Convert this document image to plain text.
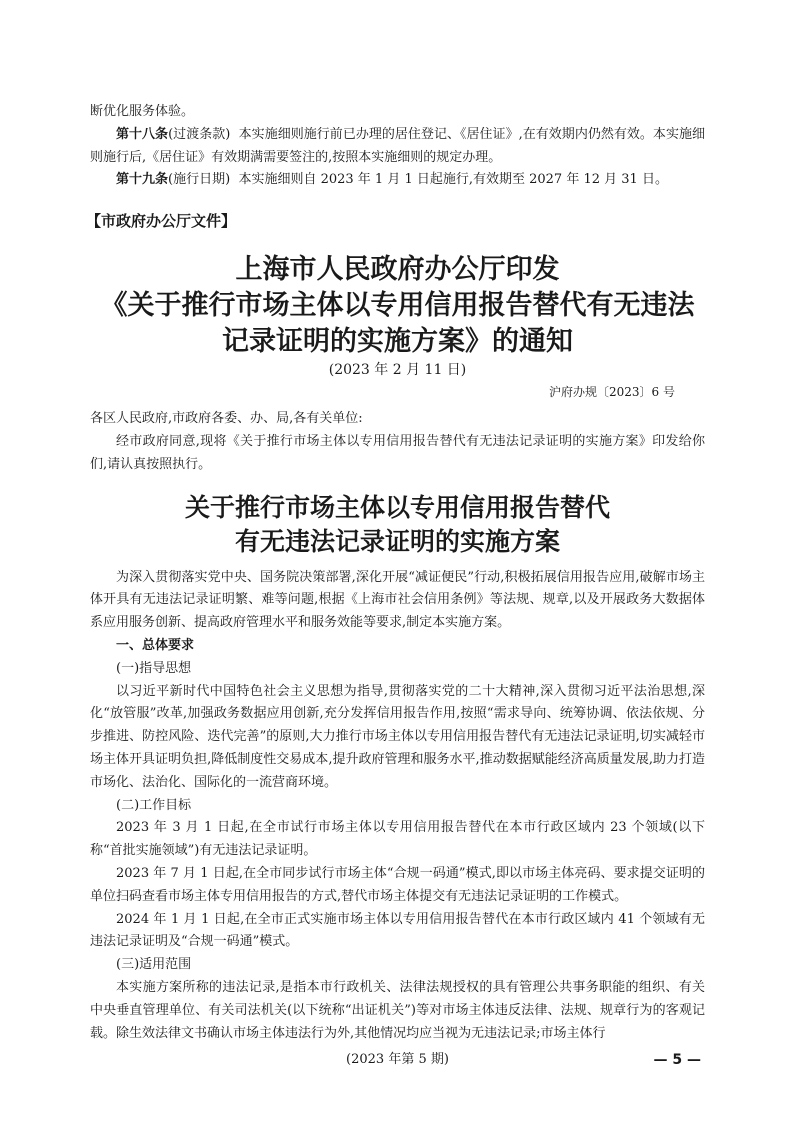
断优化服务体验。

第十八条(过渡条款) 本实施细则施行前已办理的居住登记、《居住证》,在有效期内仍然有效。本实施细则施行后,《居住证》有效期满需要签注的,按照本实施细则的规定办理。

第十九条(施行日期) 本实施细则自 2023 年 1 月 1 日起施行,有效期至 2027 年 12 月 31 日。

【市政府办公厅文件】
上海市人民政府办公厅印发
《关于推行市场主体以专用信用报告替代有无违法
记录证明的实施方案》的通知
(2023 年 2 月 11 日)
沪府办规〔2023〕6 号

各区人民政府,市政府各委、办、局,各有关单位:

经市政府同意,现将《关于推行市场主体以专用信用报告替代有无违法记录证明的实施方案》印发给你们,请认真按照执行。

关于推行市场主体以专用信用报告替代
有无违法记录证明的实施方案

为深入贯彻落实党中央、国务院决策部署,深化开展“减证便民”行动,积极拓展信用报告应用,破解市场主体开具有无违法记录证明繁、难等问题,根据《上海市社会信用条例》等法规、规章,以及开展政务大数据体系应用服务创新、提高政府管理水平和服务效能等要求,制定本实施方案。

一、总体要求

(一)指导思想

以习近平新时代中国特色社会主义思想为指导,贯彻落实党的二十大精神,深入贯彻习近平法治思想,深化“放管服”改革,加强政务数据应用创新,充分发挥信用报告作用,按照“需求导向、统筹协调、依法依规、分步推进、防控风险、迭代完善”的原则,大力推行市场主体以专用信用报告替代有无违法记录证明,切实减轻市场主体开具证明负担,降低制度性交易成本,提升政府管理和服务水平,推动数据赋能经济高质量发展,助力打造市场化、法治化、国际化的一流营商环境。

(二)工作目标

2023 年 3 月 1 日起,在全市试行市场主体以专用信用报告替代在本市行政区域内 23 个领域(以下称“首批实施领域”)有无违法记录证明。

2023 年 7 月 1 日起,在全市同步试行市场主体“合规一码通”模式,即以市场主体亮码、要求提交证明的单位扫码查看市场主体专用信用报告的方式,替代市场主体提交有无违法记录证明的工作模式。

2024 年 1 月 1 日起,在全市正式实施市场主体以专用信用报告替代在本市行政区域内 41 个领域有无违法记录证明及“合规一码通”模式。

(三)适用范围

本实施方案所称的违法记录,是指本市行政机关、法律法规授权的具有管理公共事务职能的组织、有关中央垂直管理单位、有关司法机关(以下统称“出证机关”)等对市场主体违反法律、法规、规章行为的客观记载。除生效法律文书确认市场主体违法行为外,其他情况均应当视为无违法记录;市场主体行

(2023 年第 5 期)	— 5 —
